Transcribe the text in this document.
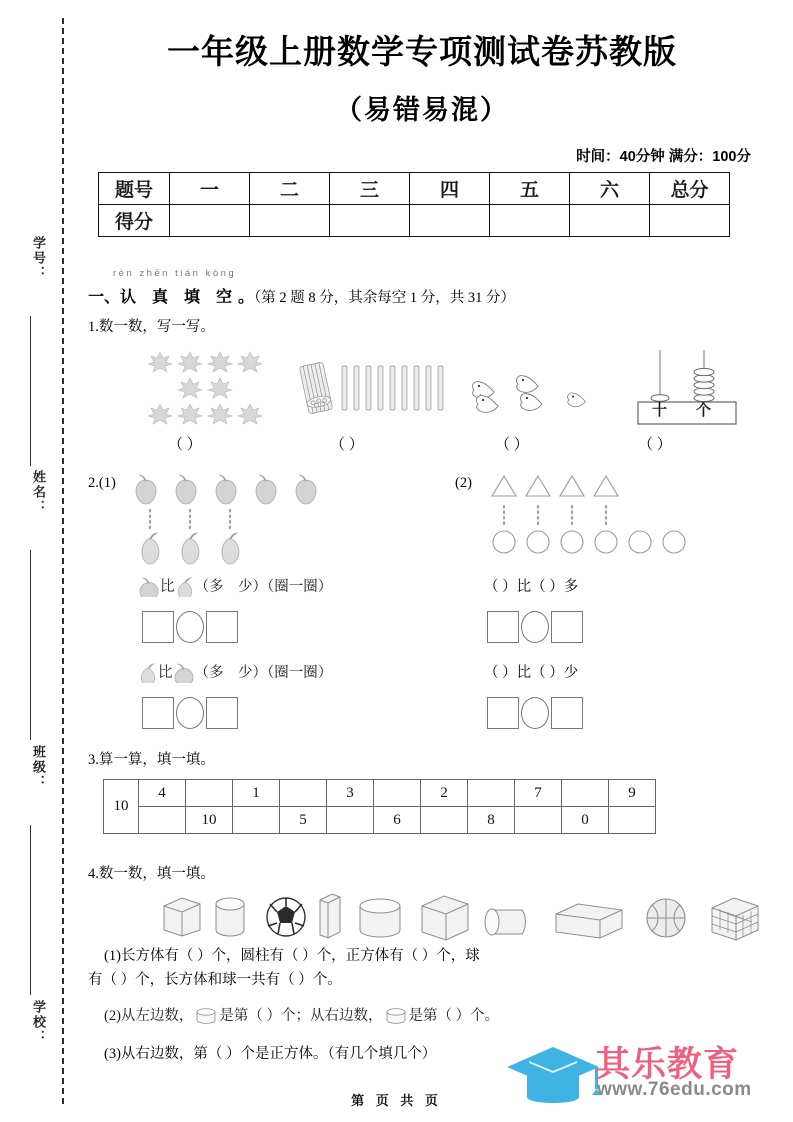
学号：
姓名：
班级：
学校：
一年级上册数学专项测试卷苏教版
（易错易混）
时间：40分钟 满分：100分
题号	一	二	三	四	五	六	总分
得分							
rèn zhēn tián kòng
一、认 真 填 空。（第 2 题 8 分，其余每空 1 分，共 31 分）
1.数一数，写一写。
（ ）	（ ）	（ ）
十 个
（ ）
2.(1)
比 （多　少）（圈一圈）
比 （多　少）（圈一圈）
(2)
（ ）比（ ）多
（ ）比（ ）少
3.算一算，填一填。
10	4		1		3		2		7		9
		10		5		6		8		0	
4.数一数，填一填。
(1)长方体有（ ）个，圆柱有（ ）个，正方体有（ ）个，球
有（ ）个，长方体和球一共有（ ）个。
(2)从左边数， 是第（ ）个；从右边数， 是第（ ）个。
(3)从右边数，第（ ）个是正方体。（有几个填几个）	其乐教育
www.76edu.com
第 页 共 页
